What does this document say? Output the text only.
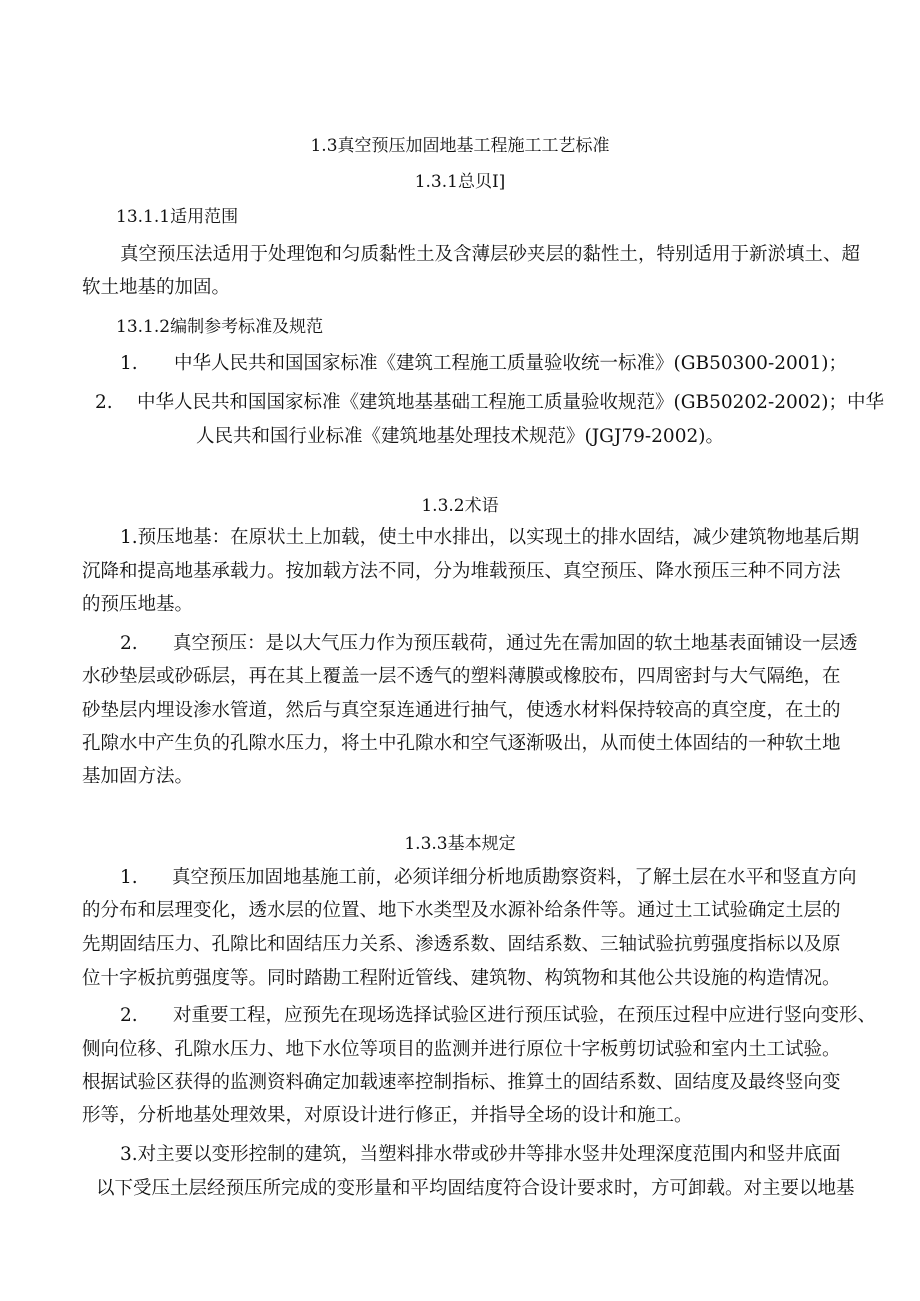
1.3真空预压加固地基工程施工工艺标准
1.3.1总贝I]
13.1.1适用范围
真空预压法适用于处理饱和匀质黏性土及含薄层砂夹层的黏性土，特别适用于新淤填土、超
软土地基的加固。
13.1.2编制参考标准及规范
1. 中华人民共和国国家标准《建筑工程施工质量验收统一标准》(GB50300-2001)；
2. 中华人民共和国国家标准《建筑地基基础工程施工质量验收规范》(GB50202-2002)；中华
人民共和国行业标准《建筑地基处理技术规范》(JGJ79-2002)。
1.3.2术语
1.预压地基：在原状土上加载，使土中水排出，以实现土的排水固结，减少建筑物地基后期
沉降和提高地基承载力。按加载方法不同，分为堆载预压、真空预压、降水预压三种不同方法
的预压地基。
2. 真空预压：是以大气压力作为预压载荷，通过先在需加固的软土地基表面铺设一层透
水砂垫层或砂砾层，再在其上覆盖一层不透气的塑料薄膜或橡胶布，四周密封与大气隔绝，在
砂垫层内埋设渗水管道，然后与真空泵连通进行抽气，使透水材料保持较高的真空度，在土的
孔隙水中产生负的孔隙水压力，将土中孔隙水和空气逐渐吸出，从而使土体固结的一种软土地
基加固方法。
1.3.3基本规定
1. 真空预压加固地基施工前，必须详细分析地质勘察资料，了解土层在水平和竖直方向
的分布和层理变化，透水层的位置、地下水类型及水源补给条件等。通过土工试验确定土层的
先期固结压力、孔隙比和固结压力关系、渗透系数、固结系数、三轴试验抗剪强度指标以及原
位十字板抗剪强度等。同时踏勘工程附近管线、建筑物、构筑物和其他公共设施的构造情况。
2. 对重要工程，应预先在现场选择试验区进行预压试验，在预压过程中应进行竖向变形、
侧向位移、孔隙水压力、地下水位等项目的监测并进行原位十字板剪切试验和室内土工试验。
根据试验区获得的监测资料确定加载速率控制指标、推算土的固结系数、固结度及最终竖向变
形等，分析地基处理效果，对原设计进行修正，并指导全场的设计和施工。
3.对主要以变形控制的建筑，当塑料排水带或砂井等排水竖井处理深度范围内和竖井底面
以下受压土层经预压所完成的变形量和平均固结度符合设计要求时，方可卸载。对主要以地基
